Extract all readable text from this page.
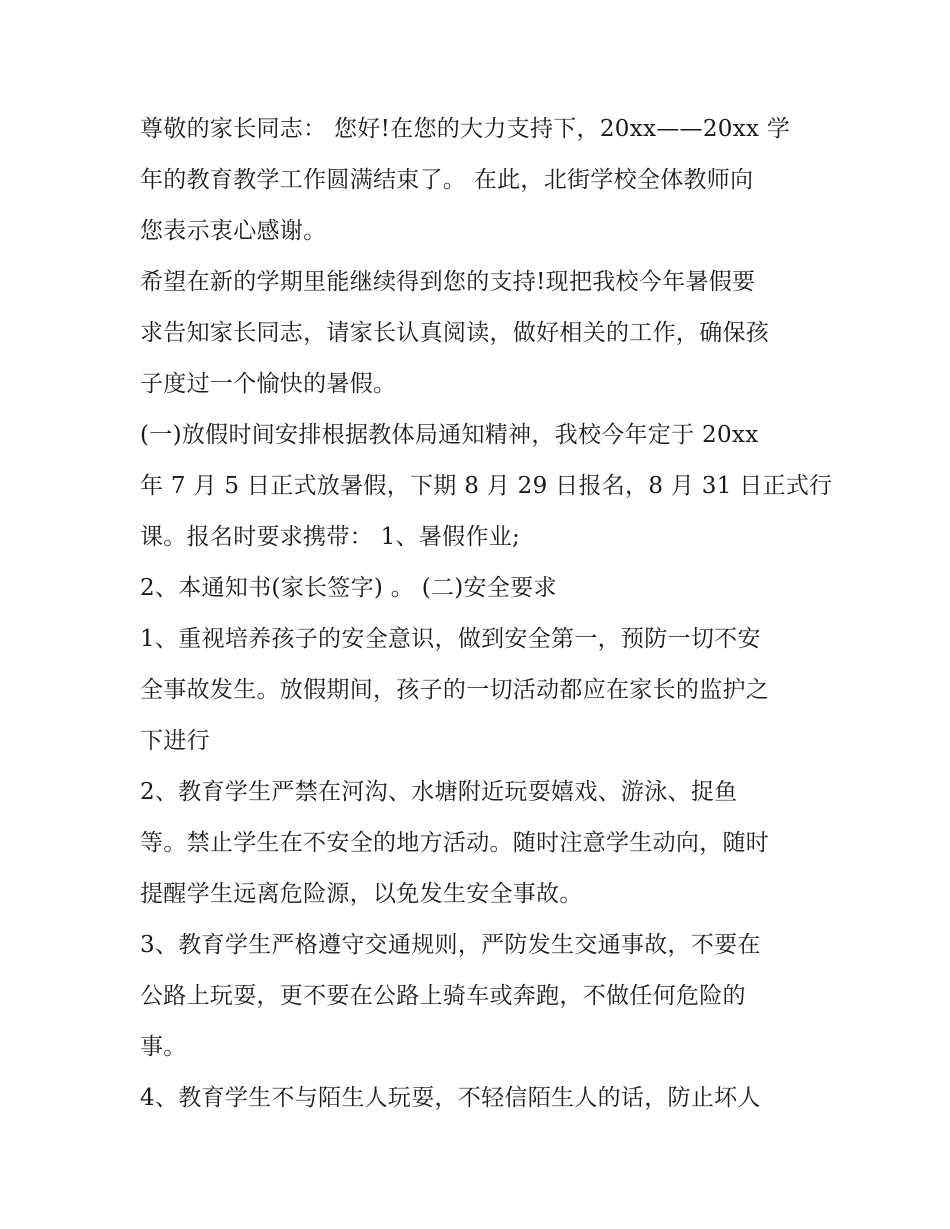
尊敬的家长同志： 您好!在您的大力支持下，20xx——20xx 学
年的教育教学工作圆满结束了。 在此，北街学校全体教师向
您表示衷心感谢。
希望在新的学期里能继续得到您的支持!现把我校今年暑假要
求告知家长同志，请家长认真阅读，做好相关的工作，确保孩
子度过一个愉快的暑假。
(一)放假时间安排根据教体局通知精神，我校今年定于 20xx
年 7 月 5 日正式放暑假，下期 8 月 29 日报名，8 月 31 日正式行
课。报名时要求携带： 1、暑假作业;
2、本通知书(家长签字) 。 (二)安全要求
1、重视培养孩子的安全意识，做到安全第一，预防一切不安
全事故发生。放假期间，孩子的一切活动都应在家长的监护之
下进行
2、教育学生严禁在河沟、水塘附近玩耍嬉戏、游泳、捉鱼
等。禁止学生在不安全的地方活动。随时注意学生动向，随时
提醒学生远离危险源，以免发生安全事故。
3、教育学生严格遵守交通规则，严防发生交通事故，不要在
公路上玩耍，更不要在公路上骑车或奔跑，不做任何危险的
事。
4、教育学生不与陌生人玩耍，不轻信陌生人的话，防止坏人
